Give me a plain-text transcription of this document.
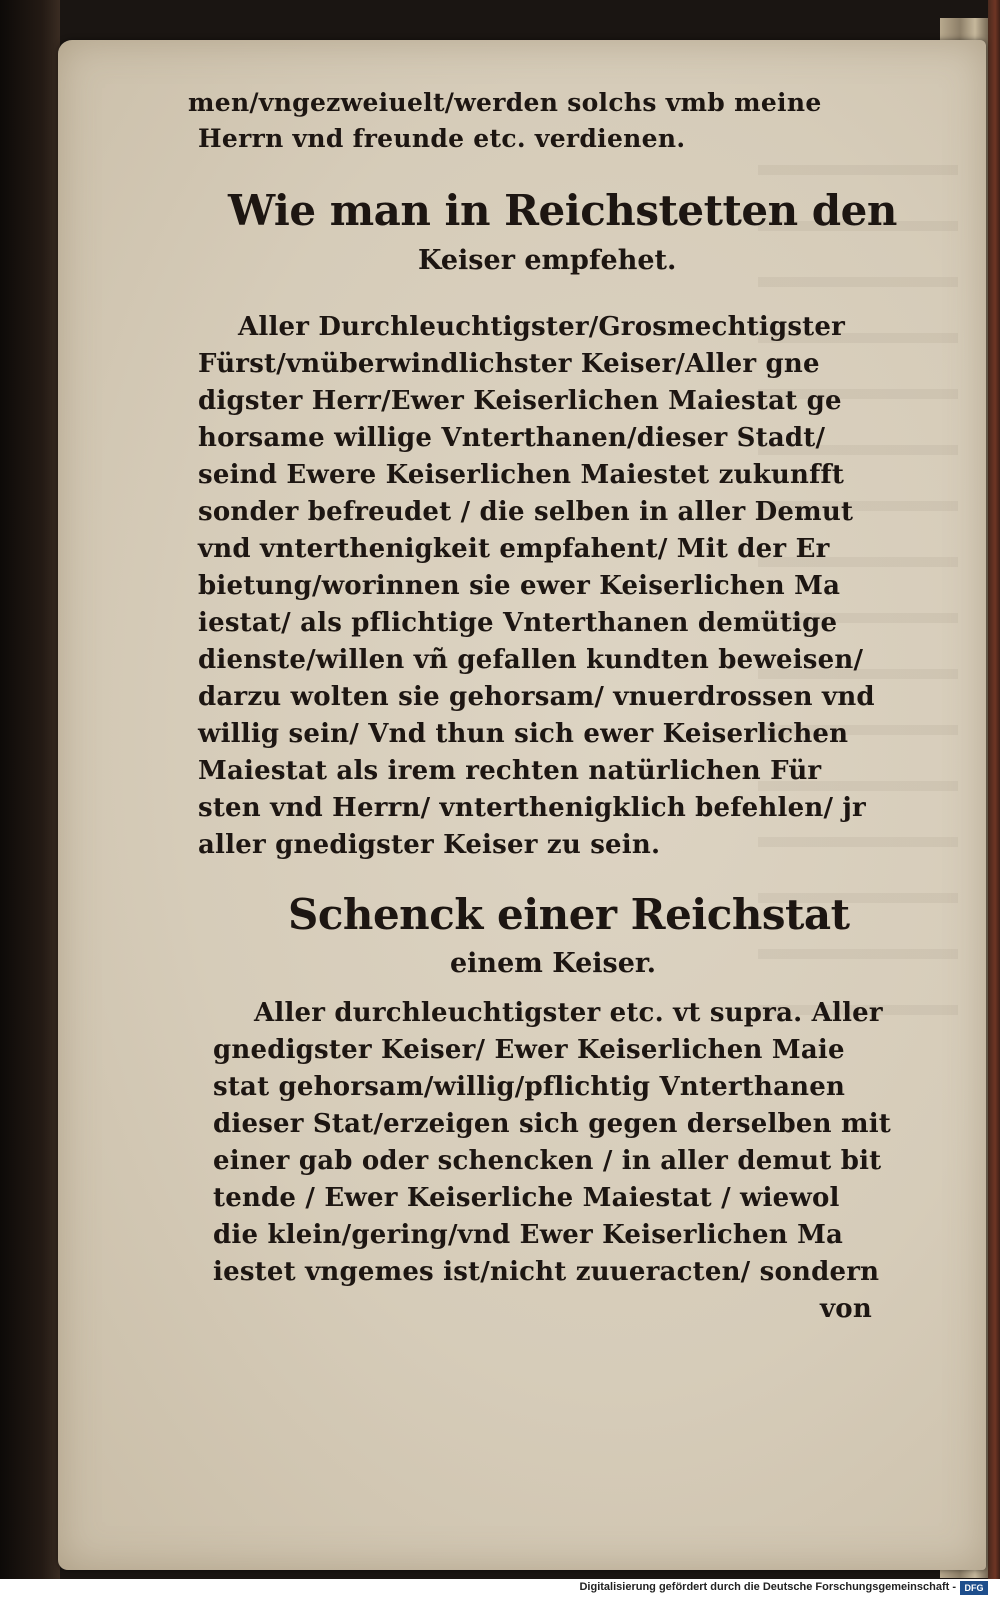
men/vngezweiuelt/werden solchs vmb meine
Herrn vnd freunde etc. verdienen.
Wie man in Reichstetten den
Keiser empfehet.
Aller Durchleuchtigster/Grosmechtigster
Fürst/vnüberwindlichster Keiser/Aller gne
digster Herr/Ewer Keiserlichen Maiestat ge
horsame willige Vnterthanen/dieser Stadt/
seind Ewere Keiserlichen Maiestet zukunfft
sonder befreudet / die selben in aller Demut
vnd vnterthenigkeit empfahent/ Mit der Er
bietung/worinnen sie ewer Keiserlichen Ma
iestat/ als pflichtige Vnterthanen demütige
dienste/willen vñ gefallen kundten beweisen/
darzu wolten sie gehorsam/ vnuerdrossen vnd
willig sein/ Vnd thun sich ewer Keiserlichen
Maiestat als irem rechten natürlichen Für
sten vnd Herrn/ vnterthenigklich befehlen/ jr
aller gnedigster Keiser zu sein.
Schenck einer Reichstat
einem Keiser.
Aller durchleuchtigster etc. vt supra. Aller
gnedigster Keiser/ Ewer Keiserlichen Maie
stat gehorsam/willig/pflichtig Vnterthanen
dieser Stat/erzeigen sich gegen derselben mit
einer gab oder schencken / in aller demut bit
tende / Ewer Keiserliche Maiestat / wiewol
die klein/gering/vnd Ewer Keiserlichen Ma
iestet vngemes ist/nicht zuueracten/ sondern
von
Digitalisierung gefördert durch die Deutsche Forschungsgemeinschaft - DFG
